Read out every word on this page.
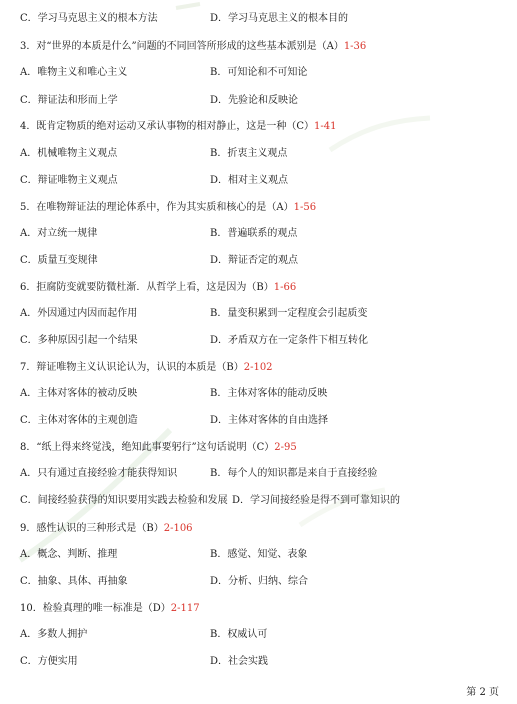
C．学习马克思主义的根本方法	D．学习马克思主义的根本目的
3．对“世界的本质是什么”问题的不同回答所形成的这些基本派别是（A）1-36
A．唯物主义和唯心主义	B．可知论和不可知论
C．辩证法和形而上学	D．先验论和反映论
4．既肯定物质的绝对运动又承认事物的相对静止，这是一种（C）1-41
A．机械唯物主义观点	B．折衷主义观点
C．辩证唯物主义观点	D．相对主义观点
5．在唯物辩证法的理论体系中，作为其实质和核心的是（A）1-56
A．对立统一规律	B．普遍联系的观点
C．质量互变规律	D．辩证否定的观点
6．拒腐防变就要防微杜渐．从哲学上看，这是因为（B）1-66
A．外因通过内因而起作用	B．量变积累到一定程度会引起质变
C．多种原因引起一个结果	D．矛盾双方在一定条件下相互转化
7．辩证唯物主义认识论认为，认识的本质是（B）2-102
A．主体对客体的被动反映	B．主体对客体的能动反映
C．主体对客体的主观创造	D．主体对客体的自由选择
8．“纸上得来终觉浅，绝知此事要躬行”这句话说明（C）2-95
A．只有通过直接经验才能获得知识	B．每个人的知识都是来自于直接经验
C．间接经验获得的知识要用实践去检验和发展 D．学习间接经验是得不到可靠知识的
9．感性认识的三种形式是（B）2-106
A．概念、判断、推理	B．感觉、知觉、表象
C．抽象、具体、再抽象	D．分析、归纳、综合
10．检验真理的唯一标准是（D）2-117
A．多数人拥护	B．权威认可
C．方便实用	D．社会实践
第 2 页
